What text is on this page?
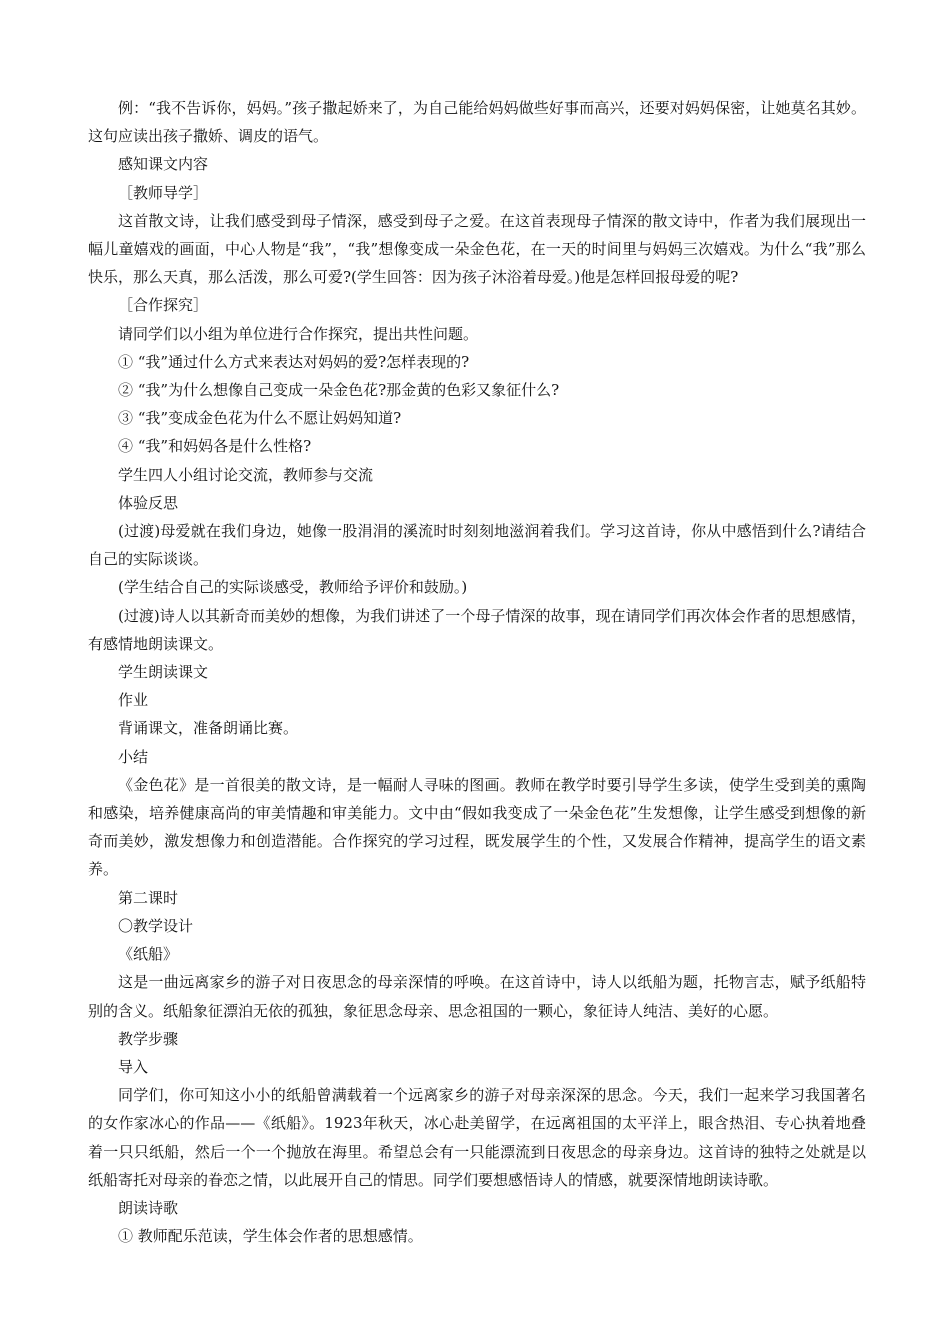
例：“我不告诉你，妈妈。”孩子撒起娇来了，为自己能给妈妈做些好事而高兴，还要对妈妈保密，让她莫名其妙。这句应读出孩子撒娇、调皮的语气。

感知课文内容

［教师导学］

这首散文诗，让我们感受到母子情深，感受到母子之爱。在这首表现母子情深的散文诗中，作者为我们展现出一幅儿童嬉戏的画面，中心人物是“我”，“我”想像变成一朵金色花，在一天的时间里与妈妈三次嬉戏。为什么“我”那么快乐，那么天真，那么活泼，那么可爱?(学生回答：因为孩子沐浴着母爱。)他是怎样回报母爱的呢?

［合作探究］

请同学们以小组为单位进行合作探究，提出共性问题。

① “我”通过什么方式来表达对妈妈的爱?怎样表现的?

② “我”为什么想像自己变成一朵金色花?那金黄的色彩又象征什么?

③ “我”变成金色花为什么不愿让妈妈知道?

④ “我”和妈妈各是什么性格?

学生四人小组讨论交流，教师参与交流

体验反思

(过渡)母爱就在我们身边，她像一股涓涓的溪流时时刻刻地滋润着我们。学习这首诗，你从中感悟到什么?请结合自己的实际谈谈。

(学生结合自己的实际谈感受，教师给予评价和鼓励。)

(过渡)诗人以其新奇而美妙的想像，为我们讲述了一个母子情深的故事，现在请同学们再次体会作者的思想感情，有感情地朗读课文。

学生朗读课文

作业

背诵课文，准备朗诵比赛。

小结

《金色花》是一首很美的散文诗，是一幅耐人寻味的图画。教师在教学时要引导学生多读，使学生受到美的熏陶和感染，培养健康高尚的审美情趣和审美能力。文中由“假如我变成了一朵金色花”生发想像，让学生感受到想像的新奇而美妙，激发想像力和创造潜能。合作探究的学习过程，既发展学生的个性，又发展合作精神，提高学生的语文素养。

第二课时

〇教学设计

《纸船》

这是一曲远离家乡的游子对日夜思念的母亲深情的呼唤。在这首诗中，诗人以纸船为题，托物言志，赋予纸船特别的含义。纸船象征漂泊无依的孤独，象征思念母亲、思念祖国的一颗心，象征诗人纯洁、美好的心愿。

教学步骤

导入

同学们，你可知这小小的纸船曾满载着一个远离家乡的游子对母亲深深的思念。今天，我们一起来学习我国著名的女作家冰心的作品——《纸船》。1923年秋天，冰心赴美留学，在远离祖国的太平洋上，眼含热泪、专心执着地叠着一只只纸船，然后一个一个抛放在海里。希望总会有一只能漂流到日夜思念的母亲身边。这首诗的独特之处就是以纸船寄托对母亲的眷恋之情，以此展开自己的情思。同学们要想感悟诗人的情感，就要深情地朗读诗歌。

朗读诗歌

① 教师配乐范读，学生体会作者的思想感情。
